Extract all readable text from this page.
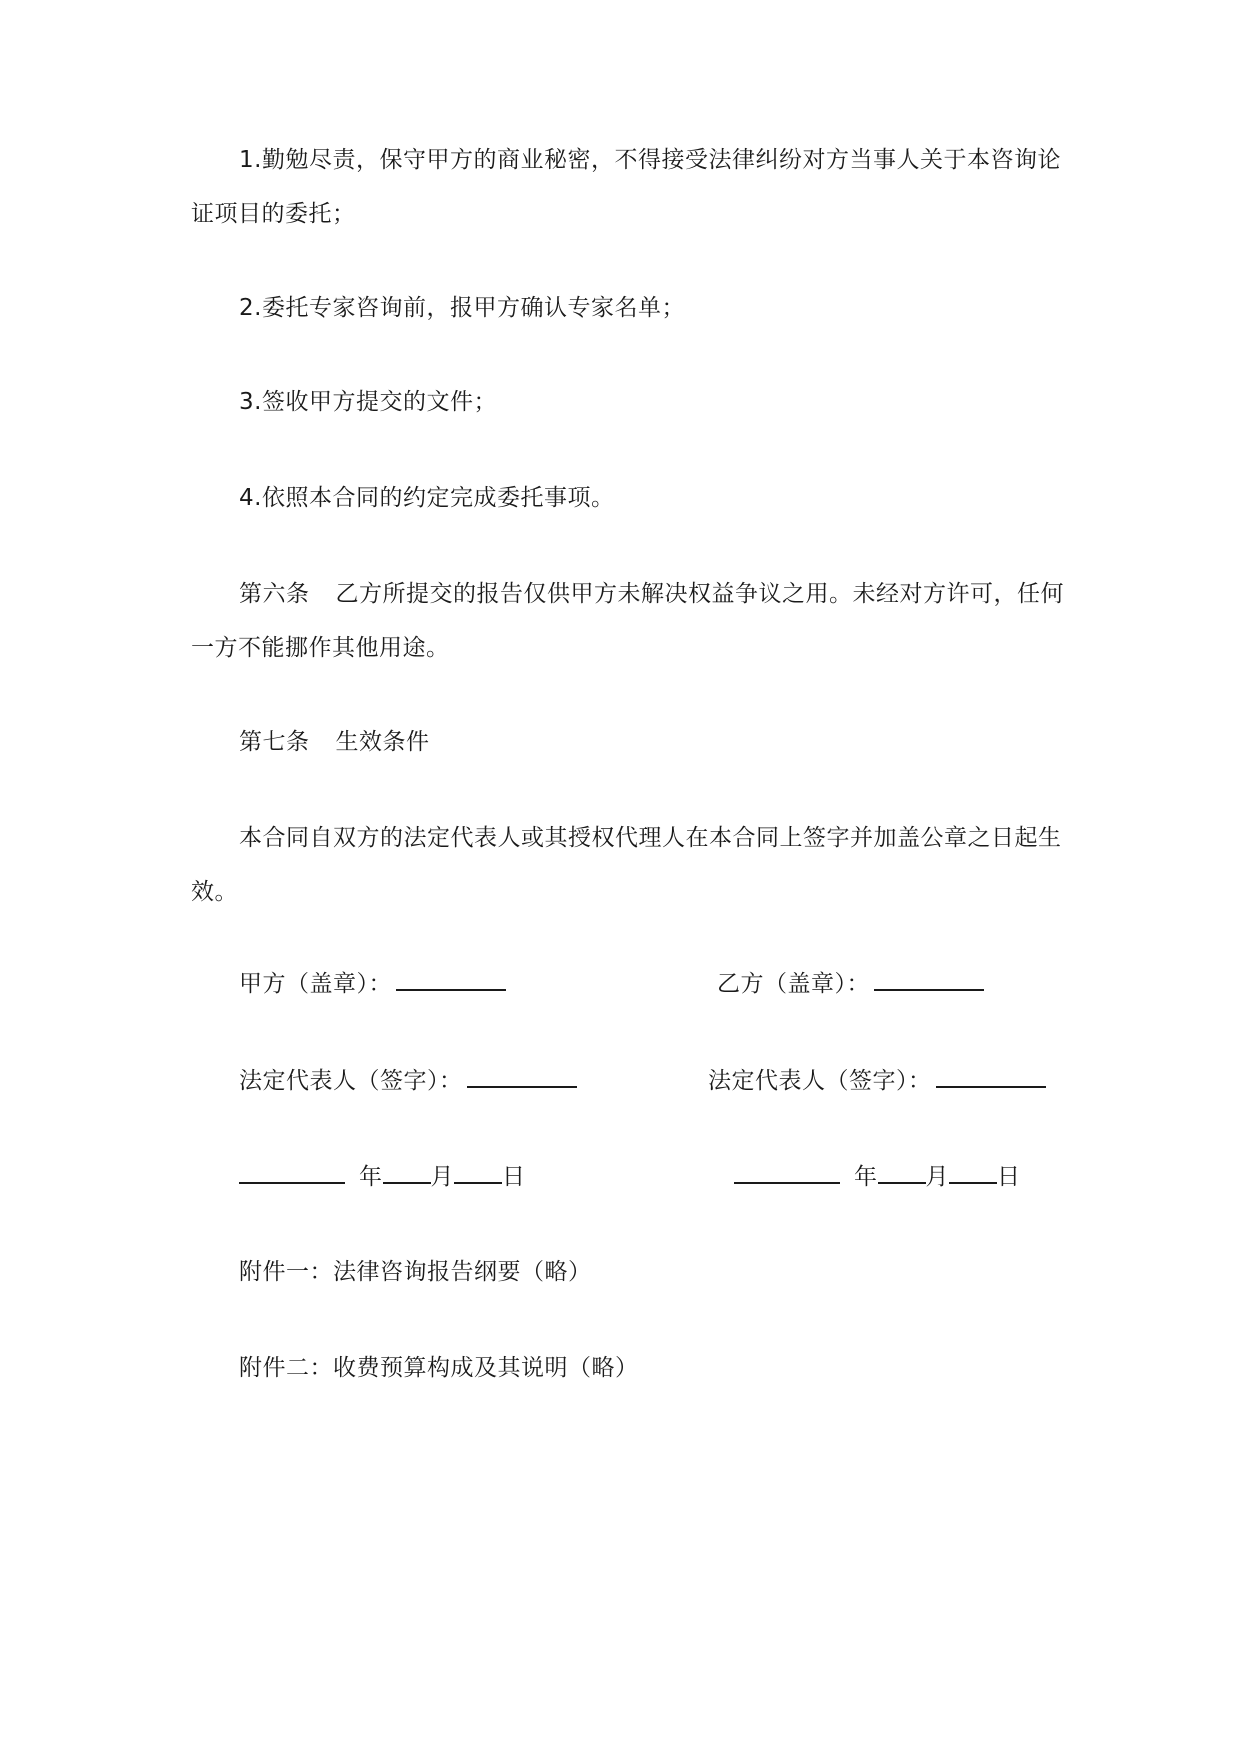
1.勤勉尽责，保守甲方的商业秘密，不得接受法律纠纷对方当事人关于本咨询论证项目的委托；

2.委托专家咨询前，报甲方确认专家名单；

3.签收甲方提交的文件；

4.依照本合同的约定完成委托事项。

第六条 乙方所提交的报告仅供甲方未解决权益争议之用。未经对方许可，任何一方不能挪作其他用途。

第七条 生效条件

本合同自双方的法定代表人或其授权代理人在本合同上签字并加盖公章之日起生效。

甲方（盖章）：	乙方（盖章）：
法定代表人（签字）：	法定代表人（签字）：
年 月 日	年 月 日
附件一：法律咨询报告纲要（略）
附件二：收费预算构成及其说明（略）
